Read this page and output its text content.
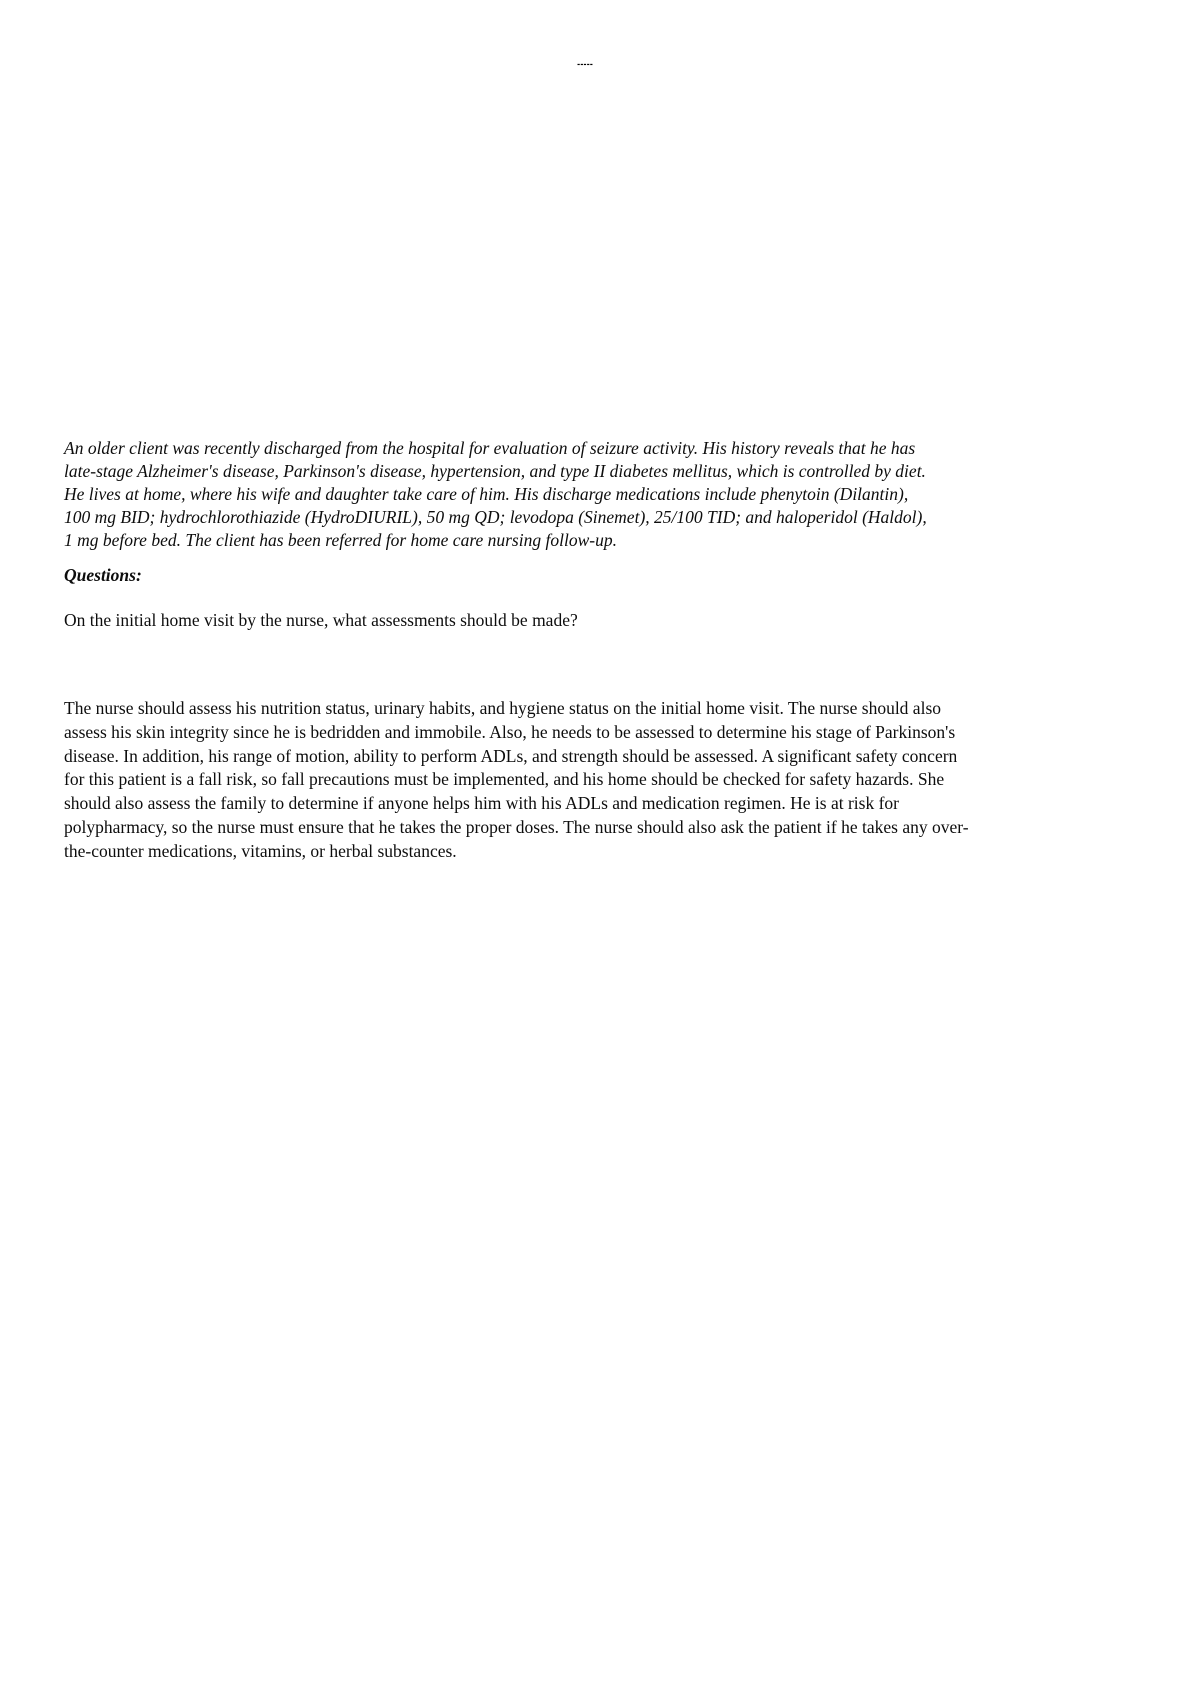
▪▪▪▪▪
An older client was recently discharged from the hospital for evaluation of seizure activity. His history reveals that he has
late-stage Alzheimer's disease, Parkinson's disease, hypertension, and type II diabetes mellitus, which is controlled by diet.
He lives at home, where his wife and daughter take care of him. His discharge medications include phenytoin (Dilantin),
100 mg BID; hydrochlorothiazide (HydroDIURIL), 50 mg QD; levodopa (Sinemet), 25/100 TID; and haloperidol (Haldol),
1 mg before bed. The client has been referred for home care nursing follow-up.
Questions:
On the initial home visit by the nurse, what assessments should be made?
The nurse should assess his nutrition status, urinary habits, and hygiene status on the initial home visit. The nurse should also
assess his skin integrity since he is bedridden and immobile. Also, he needs to be assessed to determine his stage of Parkinson's
disease. In addition, his range of motion, ability to perform ADLs, and strength should be assessed. A significant safety concern
for this patient is a fall risk, so fall precautions must be implemented, and his home should be checked for safety hazards. She
should also assess the family to determine if anyone helps him with his ADLs and medication regimen. He is at risk for
polypharmacy, so the nurse must ensure that he takes the proper doses. The nurse should also ask the patient if he takes any over-
the-counter medications, vitamins, or herbal substances.
